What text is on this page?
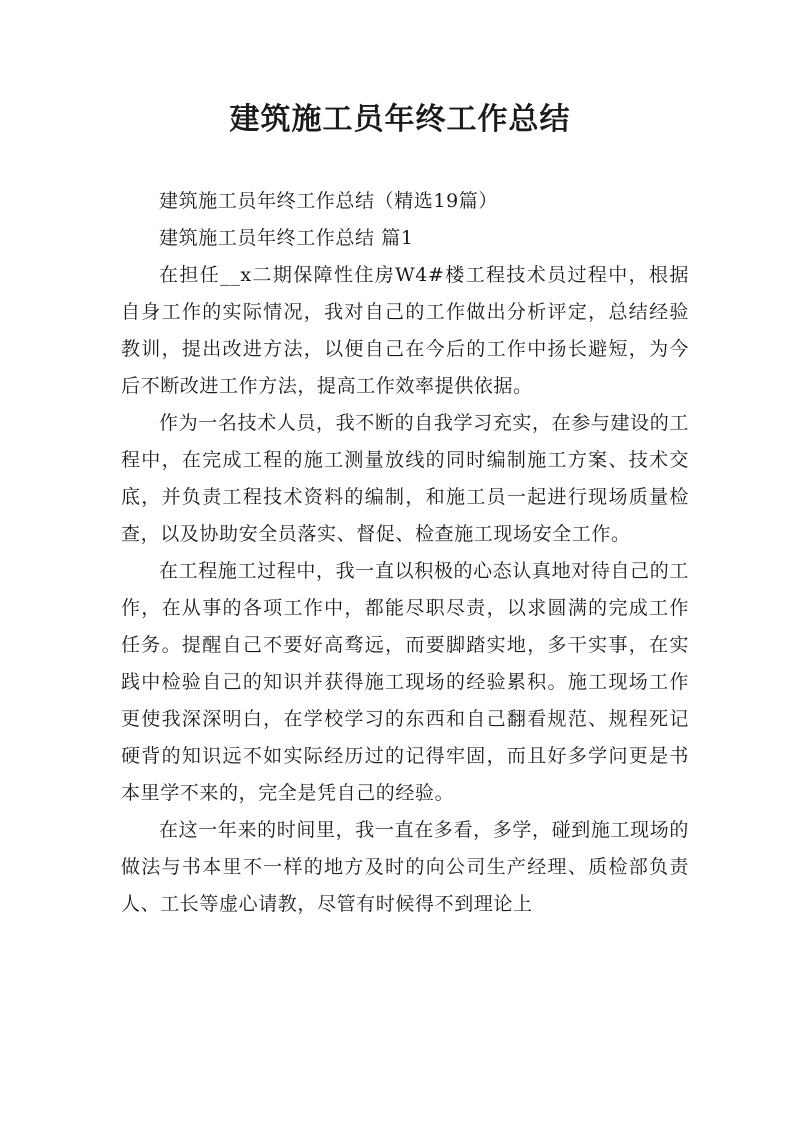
建筑施工员年终工作总结

建筑施工员年终工作总结（精选19篇）

建筑施工员年终工作总结 篇1

在担任__x二期保障性住房W4#楼工程技术员过程中，根据自身工作的实际情况，我对自己的工作做出分析评定，总结经验教训，提出改进方法，以便自己在今后的工作中扬长避短，为今后不断改进工作方法，提高工作效率提供依据。

作为一名技术人员，我不断的自我学习充实，在参与建设的工程中，在完成工程的施工测量放线的同时编制施工方案、技术交底，并负责工程技术资料的编制，和施工员一起进行现场质量检查，以及协助安全员落实、督促、检查施工现场安全工作。

在工程施工过程中，我一直以积极的心态认真地对待自己的工作，在从事的各项工作中，都能尽职尽责，以求圆满的完成工作任务。提醒自己不要好高骛远，而要脚踏实地，多干实事，在实践中检验自己的知识并获得施工现场的经验累积。施工现场工作更使我深深明白，在学校学习的东西和自己翻看规范、规程死记硬背的知识远不如实际经历过的记得牢固，而且好多学问更是书本里学不来的，完全是凭自己的经验。

在这一年来的时间里，我一直在多看，多学，碰到施工现场的做法与书本里不一样的地方及时的向公司生产经理、质检部负责人、工长等虚心请教，尽管有时候得不到理论上
